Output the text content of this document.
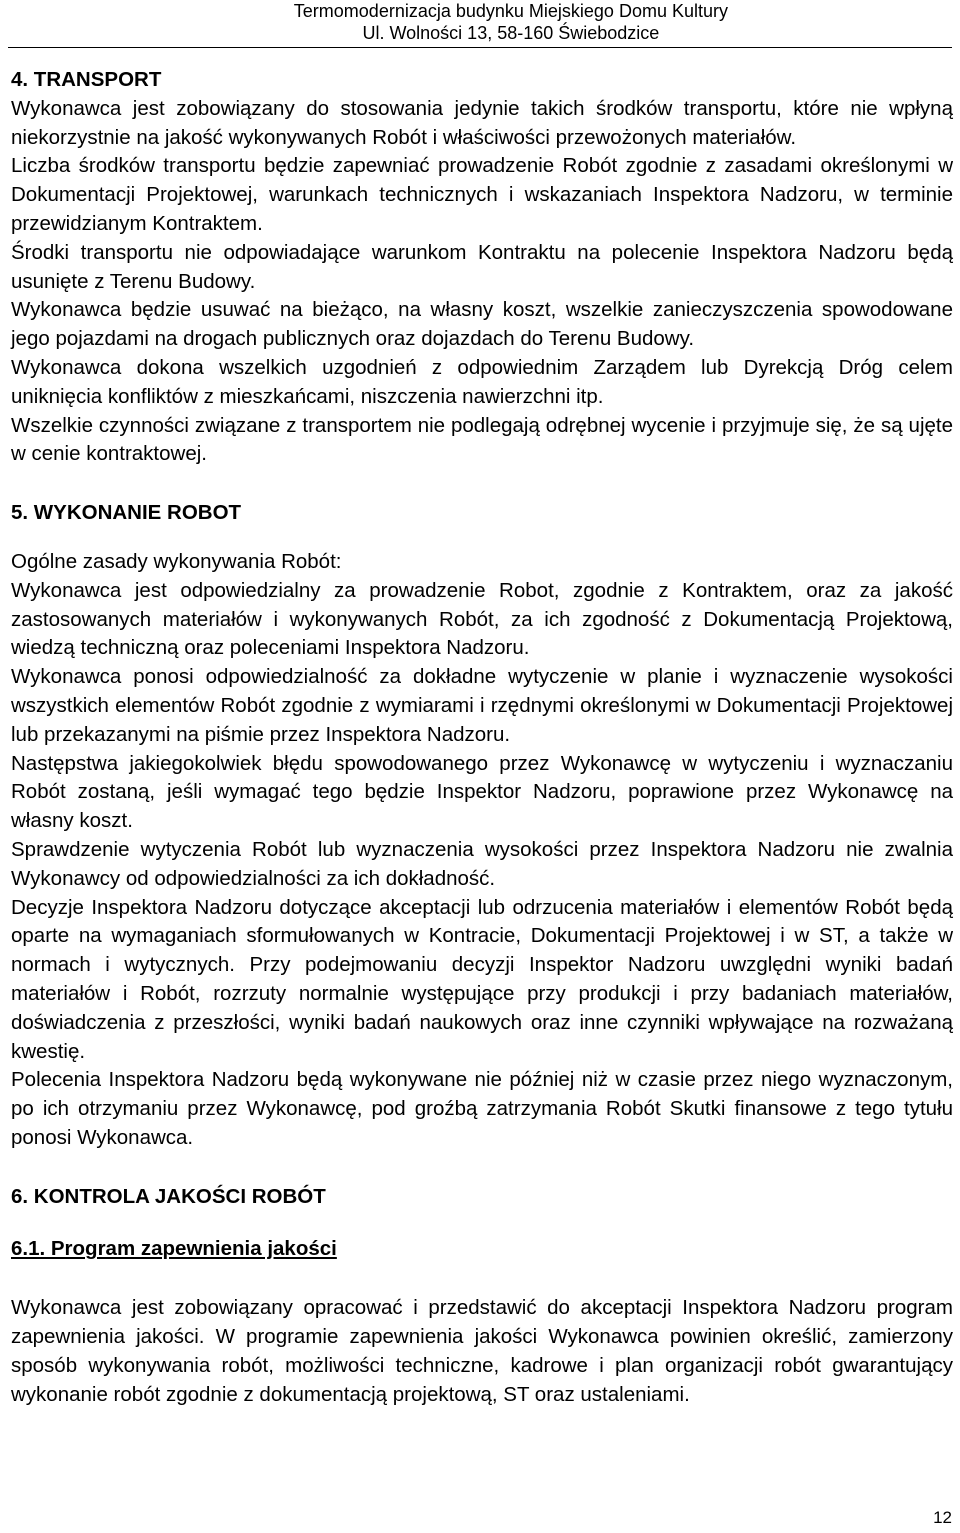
Termomodernizacja budynku Miejskiego Domu Kultury
Ul. Wolności 13, 58-160 Świebodzice

4. TRANSPORT

Wykonawca jest zobowiązany do stosowania jedynie takich środków transportu, które nie wpłyną niekorzystnie na jakość wykonywanych Robót i właściwości przewożonych materiałów.

Liczba środków transportu będzie zapewniać prowadzenie Robót zgodnie z zasadami określonymi w Dokumentacji Projektowej, warunkach technicznych i wskazaniach Inspektora Nadzoru, w terminie przewidzianym Kontraktem.

Środki transportu nie odpowiadające warunkom Kontraktu na polecenie Inspektora Nadzoru będą usunięte z Terenu Budowy.

Wykonawca będzie usuwać na bieżąco, na własny koszt, wszelkie zanieczyszczenia spowodowane jego pojazdami na drogach publicznych oraz dojazdach do Terenu Budowy.

Wykonawca dokona wszelkich uzgodnień z odpowiednim Zarządem lub Dyrekcją Dróg celem uniknięcia konfliktów z mieszkańcami, niszczenia nawierzchni itp.

Wszelkie czynności związane z transportem nie podlegają odrębnej wycenie i przyjmuje się, że są ujęte w cenie kontraktowej.

5. WYKONANIE ROBOT

Ogólne zasady wykonywania Robót:

Wykonawca jest odpowiedzialny za prowadzenie Robot, zgodnie z Kontraktem, oraz za jakość zastosowanych materiałów i wykonywanych Robót, za ich zgodność z Dokumentacją Projektową, wiedzą techniczną oraz poleceniami Inspektora Nadzoru.

Wykonawca ponosi odpowiedzialność za dokładne wytyczenie w planie i wyznaczenie wysokości wszystkich elementów Robót zgodnie z wymiarami i rzędnymi określonymi w Dokumentacji Projektowej lub przekazanymi na piśmie przez Inspektora Nadzoru.

Następstwa jakiegokolwiek błędu spowodowanego przez Wykonawcę w wytyczeniu i wyznaczaniu Robót zostaną, jeśli wymagać tego będzie Inspektor Nadzoru, poprawione przez Wykonawcę na własny koszt.

Sprawdzenie wytyczenia Robót lub wyznaczenia wysokości przez Inspektora Nadzoru nie zwalnia Wykonawcy od odpowiedzialności za ich dokładność.

Decyzje Inspektora Nadzoru dotyczące akceptacji lub odrzucenia materiałów i elementów Robót będą oparte na wymaganiach sformułowanych w Kontracie, Dokumentacji Projektowej i w ST, a także w normach i wytycznych. Przy podejmowaniu decyzji Inspektor Nadzoru uwzględni wyniki badań materiałów i Robót, rozrzuty normalnie występujące przy produkcji i przy badaniach materiałów, doświadczenia z przeszłości, wyniki badań naukowych oraz inne czynniki wpływające na rozważaną kwestię.

Polecenia Inspektora Nadzoru będą wykonywane nie później niż w czasie przez niego wyznaczonym, po ich otrzymaniu przez Wykonawcę, pod groźbą zatrzymania Robót Skutki finansowe z tego tytułu ponosi Wykonawca.

6. KONTROLA JAKOŚCI ROBÓT

6.1. Program zapewnienia jakości

Wykonawca jest zobowiązany opracować i przedstawić do akceptacji Inspektora Nadzoru program zapewnienia jakości. W programie zapewnienia jakości Wykonawca powinien określić, zamierzony sposób wykonywania robót, możliwości techniczne, kadrowe i plan organizacji robót gwarantujący wykonanie robót zgodnie z dokumentacją projektową, ST oraz ustaleniami.

12
